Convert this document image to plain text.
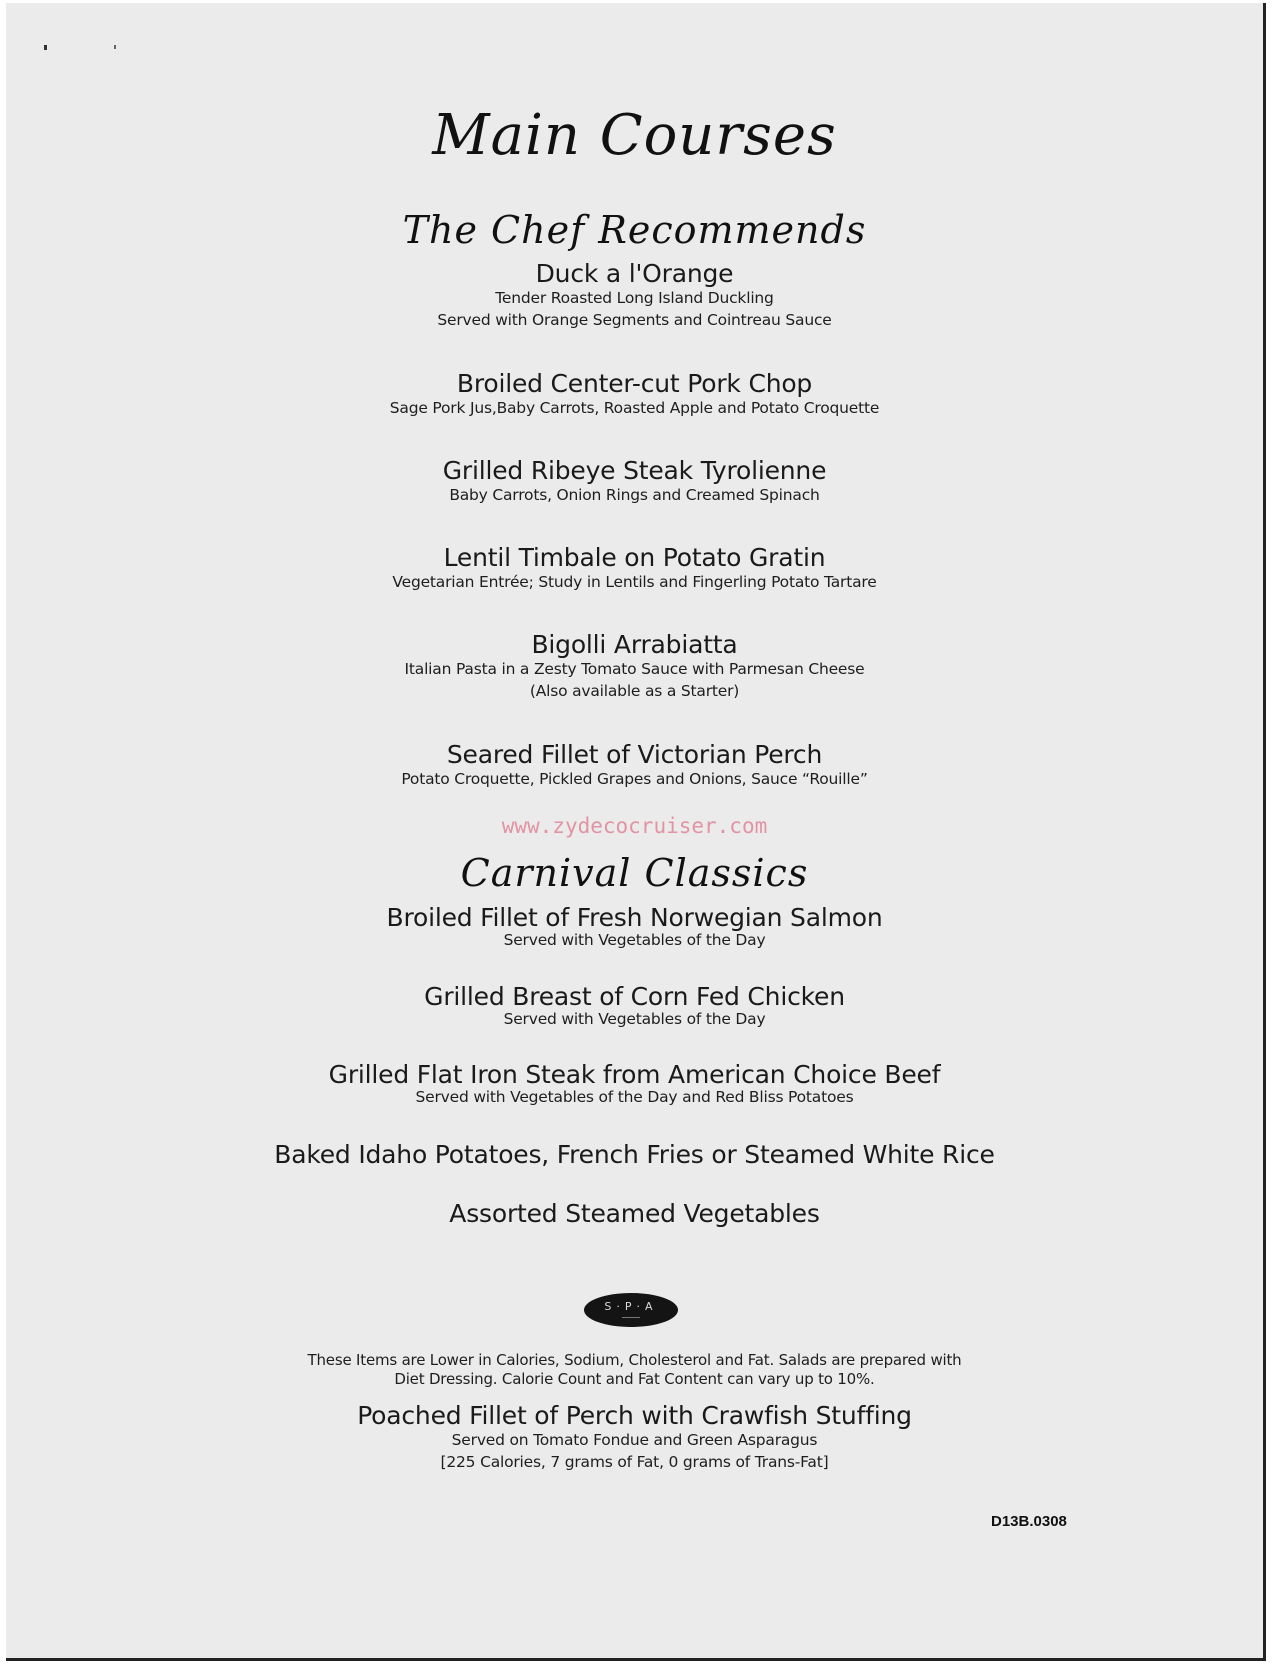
Main Courses
The Chef Recommends
Duck a l'Orange
Tender Roasted Long Island Duckling
Served with Orange Segments and Cointreau Sauce
Broiled Center-cut Pork Chop
Sage Pork Jus,Baby Carrots, Roasted Apple and Potato Croquette
Grilled Ribeye Steak Tyrolienne
Baby Carrots, Onion Rings and Creamed Spinach
Lentil Timbale on Potato Gratin
Vegetarian Entrée; Study in Lentils and Fingerling Potato Tartare
Bigolli Arrabiatta
Italian Pasta in a Zesty Tomato Sauce with Parmesan Cheese
(Also available as a Starter)
Seared Fillet of Victorian Perch
Potato Croquette, Pickled Grapes and Onions, Sauce “Rouille”
www.zydecocruiser.com
Carnival Classics
Broiled Fillet of Fresh Norwegian Salmon
Served with Vegetables of the Day
Grilled Breast of Corn Fed Chicken
Served with Vegetables of the Day
Grilled Flat Iron Steak from American Choice Beef
Served with Vegetables of the Day and Red Bliss Potatoes
Baked Idaho Potatoes, French Fries or Steamed White Rice
Assorted Steamed Vegetables
S·P·A
These Items are Lower in Calories, Sodium, Cholesterol and Fat. Salads are prepared with
Diet Dressing. Calorie Count and Fat Content can vary up to 10%.
Poached Fillet of Perch with Crawfish Stuffing
Served on Tomato Fondue and Green Asparagus
[225 Calories, 7 grams of Fat, 0 grams of Trans-Fat]
D13B.0308
